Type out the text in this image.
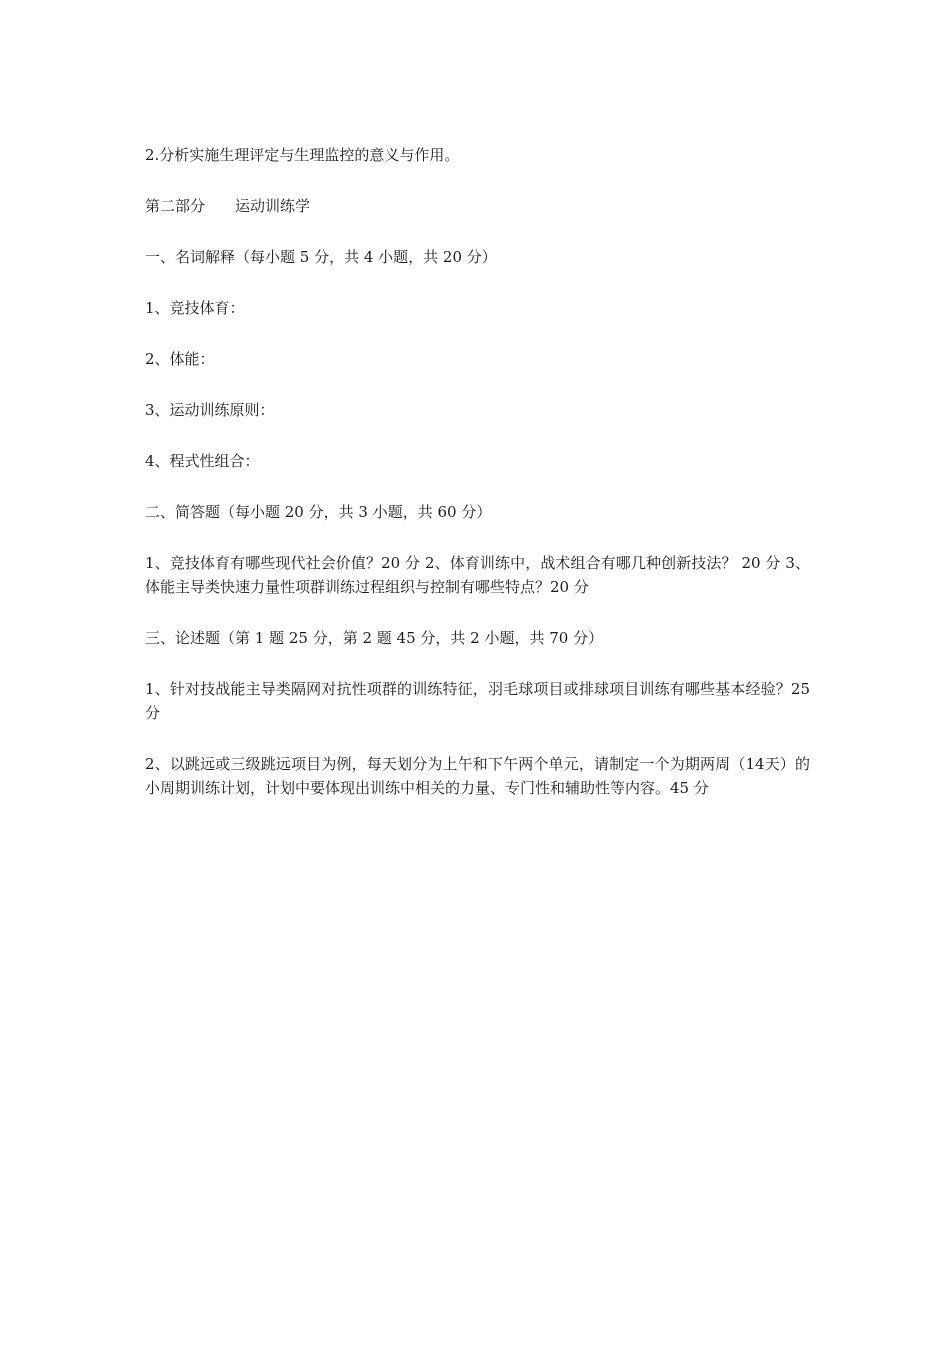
2.分析实施生理评定与生理监控的意义与作用。

第二部分 运动训练学

一、名词解释（每小题 5 分，共 4 小题，共 20 分）

1、竞技体育：

2、体能：

3、运动训练原则：

4、程式性组合：

二、简答题（每小题 20 分，共 3 小题，共 60 分）

1、竞技体育有哪些现代社会价值？20 分 2、体育训练中，战术组合有哪几种创新技法？ 20 分 3、体能主导类快速力量性项群训练过程组织与控制有哪些特点？20 分

三、论述题（第 1 题 25 分，第 2 题 45 分，共 2 小题，共 70 分）

1、针对技战能主导类隔网对抗性项群的训练特征，羽毛球项目或排球项目训练有哪些基本经验？25 分

2、以跳远或三级跳远项目为例，每天划分为上午和下午两个单元，请制定一个为期两周（14天）的小周期训练计划，计划中要体现出训练中相关的力量、专门性和辅助性等内容。45 分
